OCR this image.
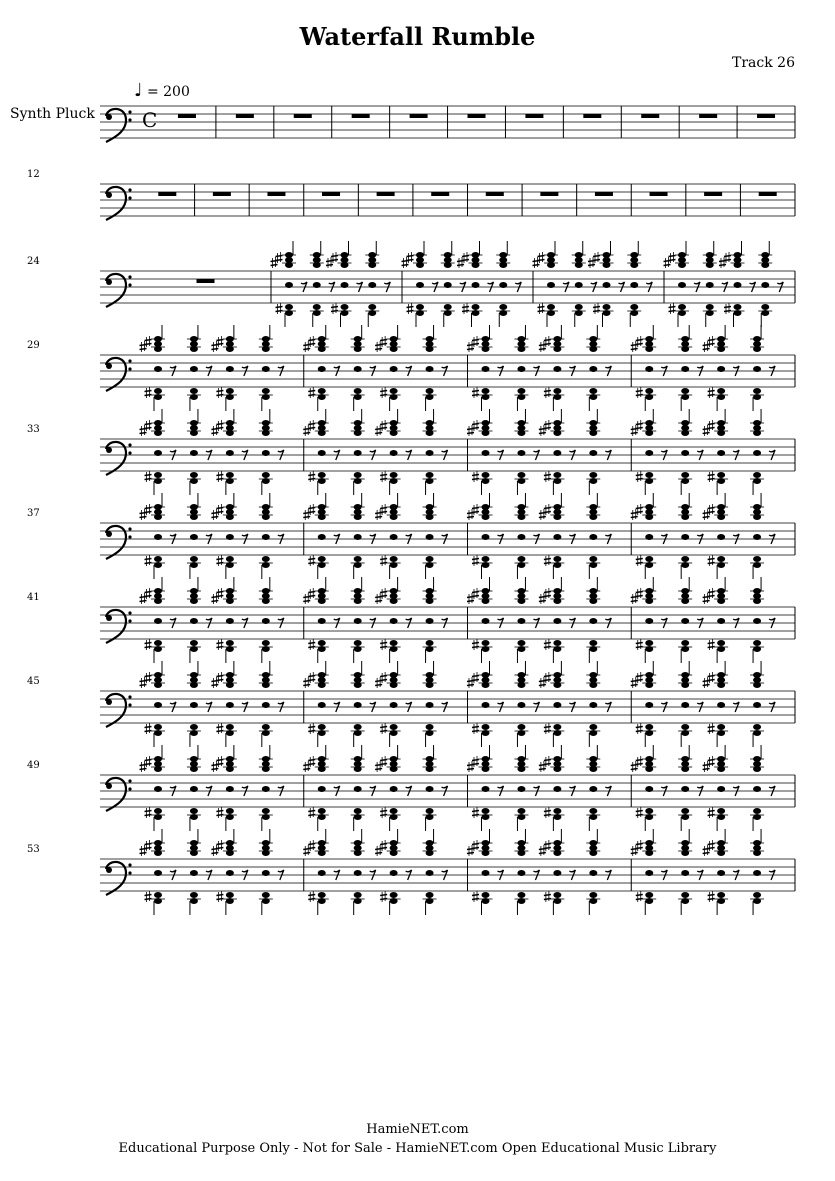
Waterfall Rumble
Track 26
♩ = 200
Synth Pluck
12
24
29
33
37
41
45
49
53
C
HamieNET.com
Educational Purpose Only - Not for Sale - HamieNET.com Open Educational Music Library
